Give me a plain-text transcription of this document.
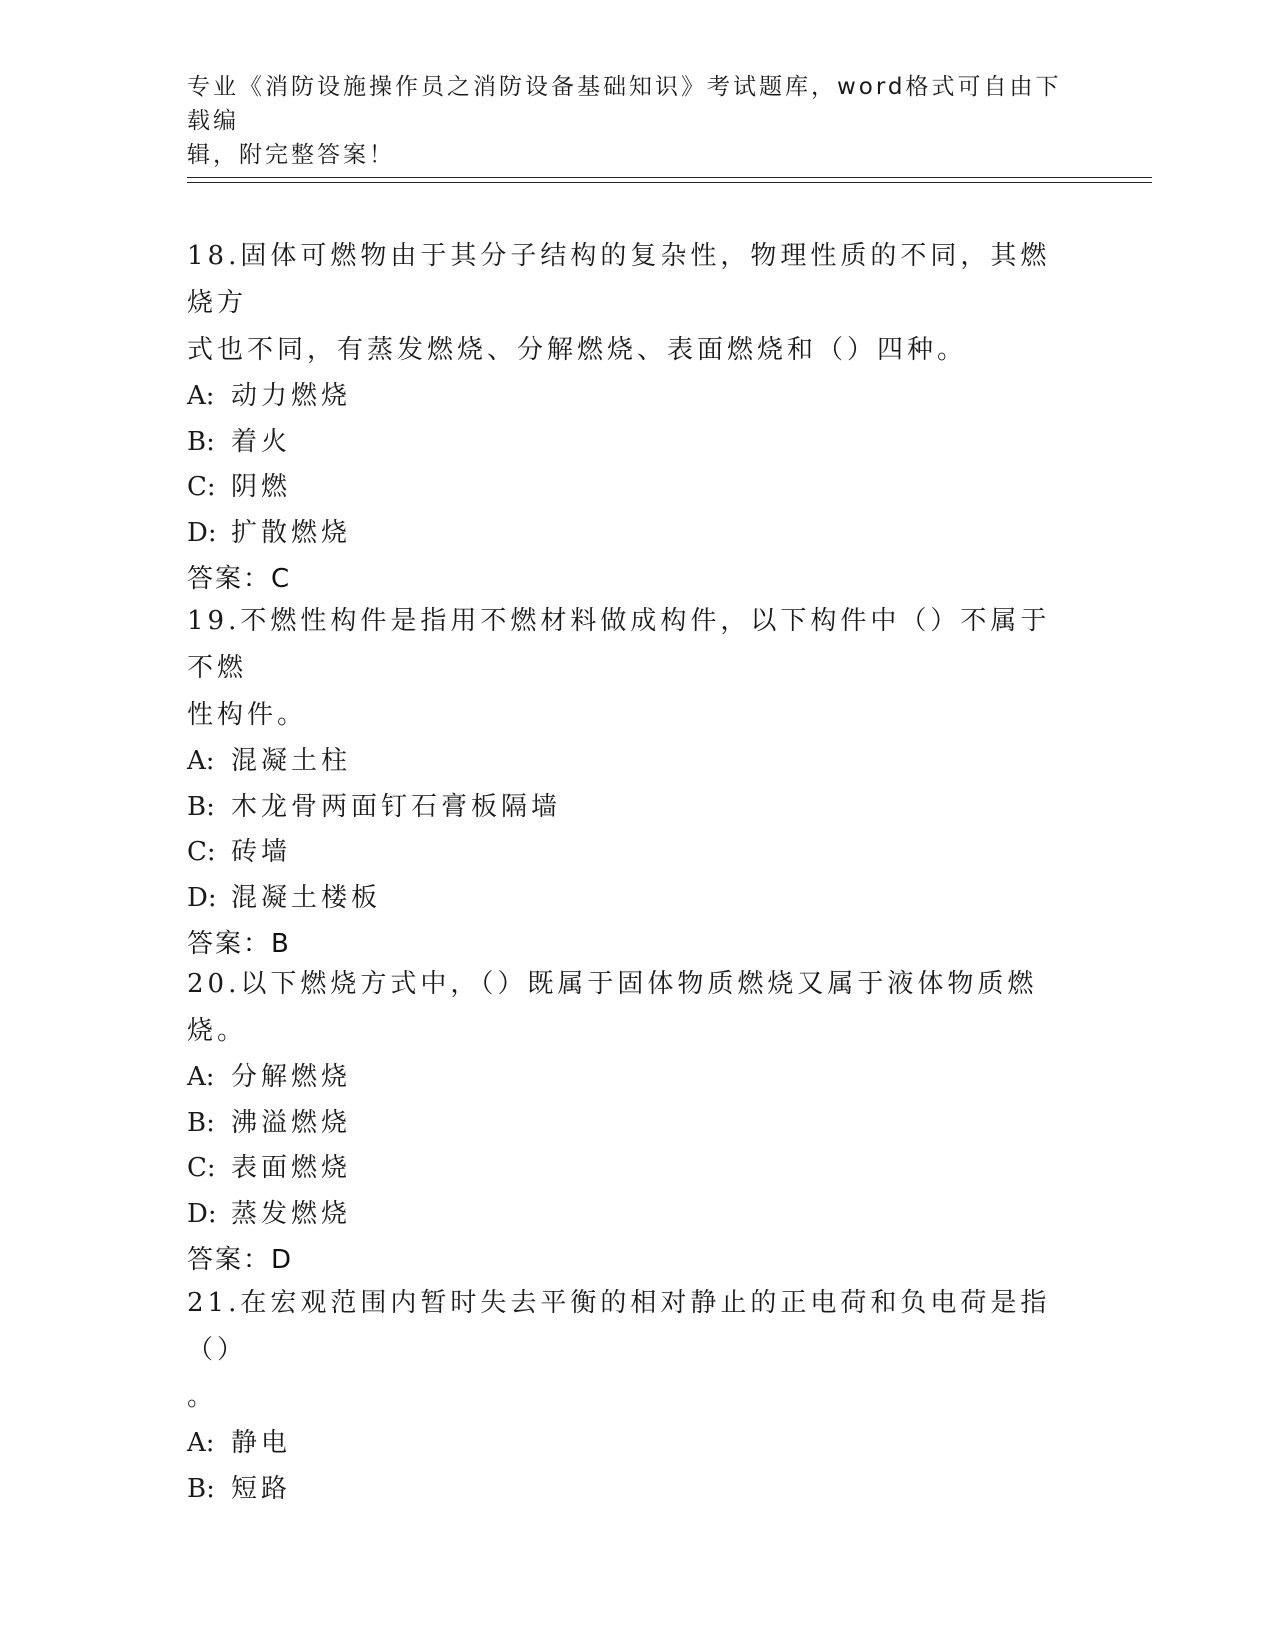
专业《消防设施操作员之消防设备基础知识》考试题库，word格式可自由下载编
辑，附完整答案！
18.固体可燃物由于其分子结构的复杂性，物理性质的不同，其燃烧方
式也不同，有蒸发燃烧、分解燃烧、表面燃烧和（）四种。
A: 动力燃烧
B: 着火
C: 阴燃
D: 扩散燃烧
答案：C
19.不燃性构件是指用不燃材料做成构件，以下构件中（）不属于不燃
性构件。
A: 混凝土柱
B: 木龙骨两面钉石膏板隔墙
C: 砖墙
D: 混凝土楼板
答案：B
20.以下燃烧方式中，（）既属于固体物质燃烧又属于液体物质燃烧。
A: 分解燃烧
B: 沸溢燃烧
C: 表面燃烧
D: 蒸发燃烧
答案：D
21.在宏观范围内暂时失去平衡的相对静止的正电荷和负电荷是指（）
。
A: 静电
B: 短路
